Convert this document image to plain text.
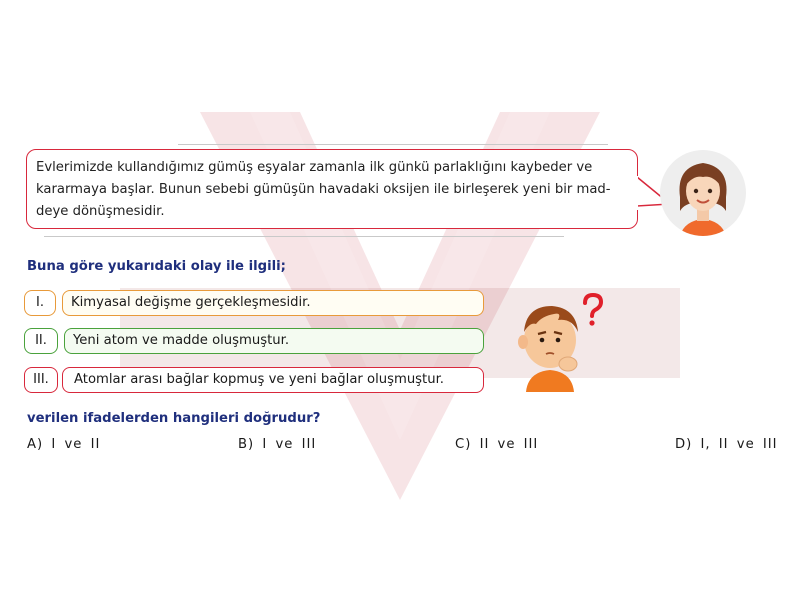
Evlerimizde kullandığımız gümüş eşyalar zamanla ilk günkü parlaklığını kaybeder ve
kararmaya başlar. Bunun sebebi gümüşün havadaki oksijen ile birleşerek yeni bir mad-
deye dönüşmesidir.
Buna göre yukarıdaki olay ile ilgili;
I.	Kimyasal değişme gerçekleşmesidir.
II.	Yeni atom ve madde oluşmuştur.
III.	Atomlar arası bağlar kopmuş ve yeni bağlar oluşmuştur.
verilen ifadelerden hangileri doğrudur?
A) I ve II	B) I ve III	C) II ve III	D) I, II ve III
